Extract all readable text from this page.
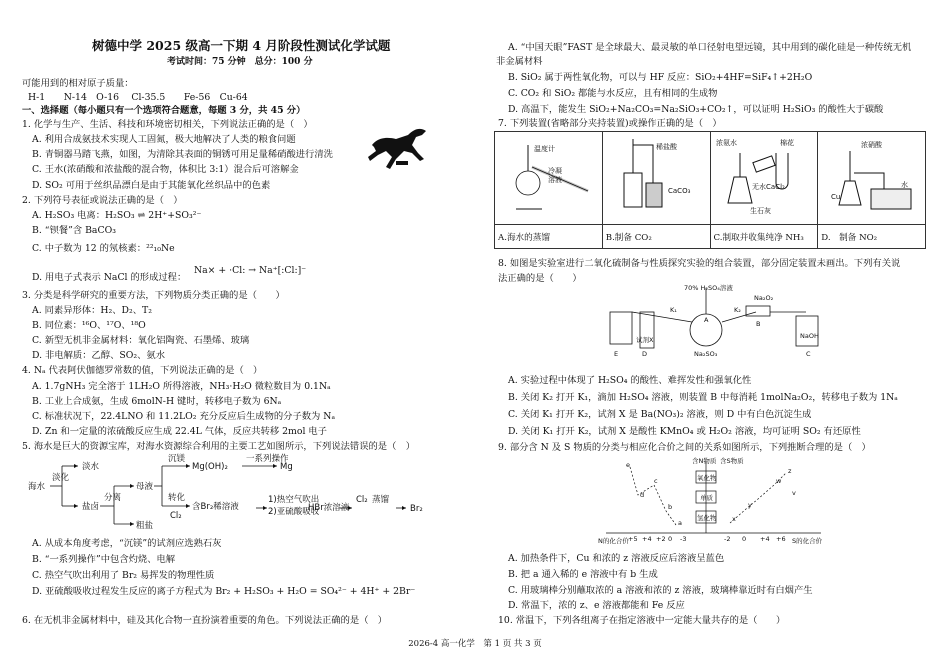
树德中学 2025 级高一下期 4 月阶段性测试化学试题
考试时间：75 分钟　总分：100 分
可能用到的相对原子质量：
H-1　　N-14　O-16　 Cl-35.5　　Fe-56　Cu-64
一、选择题（每小题只有一个选项符合题意，每题 3 分，共 45 分）
1. 化学与生产、生活、科技和环境密切相关，下列说法正确的是（　）
A. 利用合成氨技术实现人工固氮，极大地解决了人类的粮食问题
B. 青铜器马踏飞燕，如图，为清除其表面的铜锈可用足量稀硝酸进行清洗
C. 王水(浓硝酸和浓盐酸的混合物，体积比 3:1）混合后可溶解金
D. SO₂ 可用于丝织品漂白是由于其能氧化丝织品中的色素
2. 下列符号表征或说法正确的是（　）
A. H₂SO₃ 电离：H₂SO₃ ⇌ 2H⁺+SO₃²⁻
B. “钡餐”含 BaCO₃
C. 中子数为 12 的氖核素：²²₁₀Ne
D. 用电子式表示 NaCl 的形成过程：
Na× + ·Cl: → Na⁺[:Cl:]⁻
3. 分类是科学研究的重要方法，下列物质分类正确的是（　　）
A. 同素异形体：H₂、D₂、T₂
B. 同位素：¹⁶O、¹⁷O、¹⁸O
C. 新型无机非金属材料：氧化铝陶瓷、石墨烯、玻璃
D. 非电解质：乙醇、SO₂、氨水
4. Nₐ 代表阿伏伽德罗常数的值，下列说法正确的是（　）
A. 1.7gNH₃ 完全溶于 1LH₂O 所得溶液，NH₃·H₂O 微粒数目为 0.1Nₐ
B. 工业上合成氨，生成 6molN-H 键时，转移电子数为 6Nₐ
C. 标准状况下，22.4LNO 和 11.2LO₂ 充分反应后生成物的分子数为 Nₐ
D. Zn 和一定量的浓硫酸反应生成 22.4L 气体，反应共转移 2mol 电子
5. 海水是巨大的资源宝库，对海水资源综合利用的主要工艺如图所示，下列说法错误的是（　）
海水
淡化
淡水
盐卤
分离
母液
粗盐
沉镁
Mg(OH)₂
一系列操作
Mg
转化
Cl₂
含Br₂稀溶液
1)热空气吹出
2)亚硫酸吸收
HBr浓溶液
Cl₂ 蒸馏
Br₂
A. 从成本角度考虑，“沉镁”的试剂应选熟石灰
B. “一系列操作”中包含灼烧、电解
C. 热空气吹出利用了 Br₂ 易挥发的物理性质
D. 亚硫酸吸收过程发生反应的离子方程式为 Br₂ + H₂SO₃ + H₂O = SO₄²⁻ + 4H⁺ + 2Br⁻
6. 在无机非金属材料中，硅及其化合物一直扮演着重要的角色。下列说法正确的是（　）
A. “中国天眼”FAST 是全球最大、最灵敏的单口径射电望远镜，其中用到的碳化硅是一种传统无机
非金属材料
B. SiO₂ 属于两性氧化物，可以与 HF 反应：SiO₂+4HF=SiF₄↑+2H₂O
C. CO₂ 和 SiO₂ 都能与水反应，且有相同的生成物
D. 高温下，能发生 SiO₂+Na₂CO₃=Na₂SiO₃+CO₂↑，可以证明 H₂SiO₃ 的酸性大于碳酸
7. 下列装置(省略部分夹持装置)或操作正确的是（　）
温度计
冷凝
溶液	稀盐酸
CaCO₃	浓氨水 棉花
无水CaCl₂
生石灰	浓硝酸
Cu
水

A.海水的蒸馏	B.制备 CO₂	C.制取并收集纯净 NH₃	D.　制备 NO₂
8. 如图是实验室进行二氧化硫制备与性质探究实验的组合装置，部分固定装置未画出。下列有关说
法正确的是（　　）
70% H₂SO₄溶液
K₁	K₂
Na₂O₂
B
E	D
试剂X
A
Na₂SO₃	C
NaOH
A. 实验过程中体现了 H₂SO₄ 的酸性、难挥发性和强氧化性
B. 关闭 K₂ 打开 K₁，滴加 H₂SO₄ 溶液，则装置 B 中每消耗 1molNa₂O₂，转移电子数为 1Nₐ
C. 关闭 K₁ 打开 K₂，试剂 X 是 Ba(NO₃)₂ 溶液，则 D 中有白色沉淀生成
D. 关闭 K₁ 打开 K₂，试剂 X 是酸性 KMnO₄ 或 H₂O₂ 溶液，均可证明 SO₂ 有还原性
9. 部分含 N 及 S 物质的分类与相应化合价之间的关系如图所示，下列推断合理的是（　）
含N物质 含S物质
氧化物
单质
氢化物
N的化合价	S的化合价
+5 +4 +2 0 -3	-2 0 +4 +6
e
d
c
b
a	x
y
z
w
v
A. 加热条件下，Cu 和浓的 z 溶液反应后溶液呈蓝色
B. 把 a 通入稀的 e 溶液中有 b 生成
C. 用玻璃棒分别蘸取浓的 a 溶液和浓的 z 溶液，玻璃棒靠近时有白烟产生
D. 常温下，浓的 z、e 溶液都能和 Fe 反应
10. 常温下，下列各组离子在指定溶液中一定能大量共存的是（　　）
2026-4 高一化学　第 1 页 共 3 页
